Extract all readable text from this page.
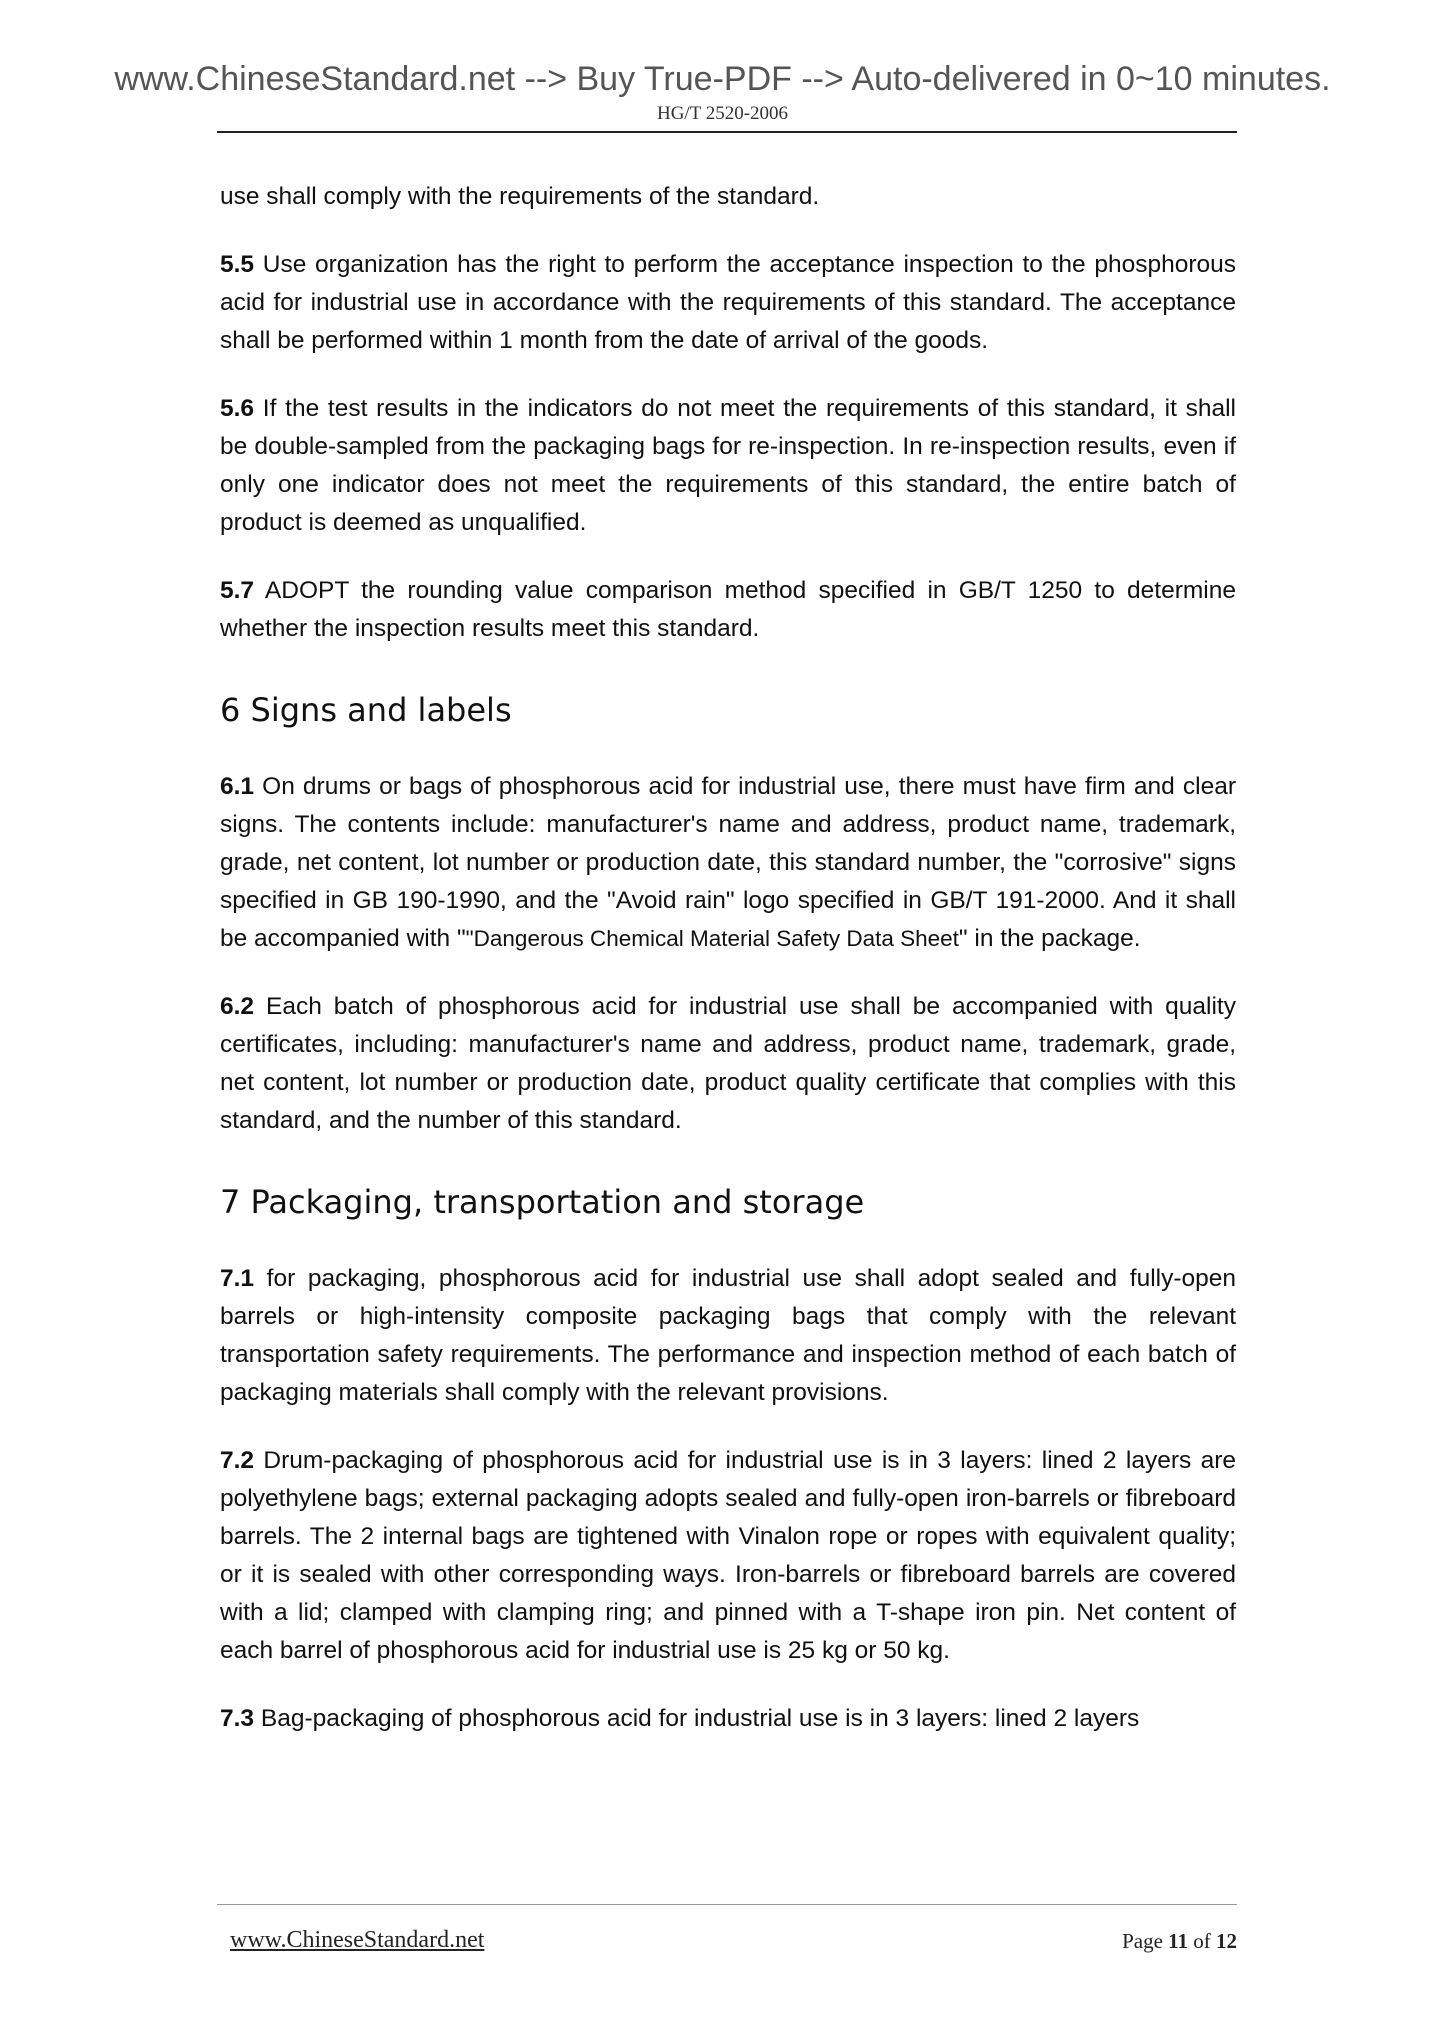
www.ChineseStandard.net --> Buy True-PDF --> Auto-delivered in 0~10 minutes.
HG/T 2520-2006

use shall comply with the requirements of the standard.

5.5 Use organization has the right to perform the acceptance inspection to the phosphorous acid for industrial use in accordance with the requirements of this standard. The acceptance shall be performed within 1 month from the date of arrival of the goods.

5.6 If the test results in the indicators do not meet the requirements of this standard, it shall be double-sampled from the packaging bags for re-inspection. In re-inspection results, even if only one indicator does not meet the requirements of this standard, the entire batch of product is deemed as unqualified.

5.7 ADOPT the rounding value comparison method specified in GB/T 1250 to determine whether the inspection results meet this standard.

6 Signs and labels

6.1 On drums or bags of phosphorous acid for industrial use, there must have firm and clear signs. The contents include: manufacturer's name and address, product name, trademark, grade, net content, lot number or production date, this standard number, the "corrosive" signs specified in GB 190-1990, and the "Avoid rain" logo specified in GB/T 191-2000. And it shall be accompanied with ""Dangerous Chemical Material Safety Data Sheet" in the package.

6.2 Each batch of phosphorous acid for industrial use shall be accompanied with quality certificates, including: manufacturer's name and address, product name, trademark, grade, net content, lot number or production date, product quality certificate that complies with this standard, and the number of this standard.

7 Packaging, transportation and storage

7.1 for packaging, phosphorous acid for industrial use shall adopt sealed and fully-open barrels or high-intensity composite packaging bags that comply with the relevant transportation safety requirements. The performance and inspection method of each batch of packaging materials shall comply with the relevant provisions.

7.2 Drum-packaging of phosphorous acid for industrial use is in 3 layers: lined 2 layers are polyethylene bags; external packaging adopts sealed and fully-open iron-barrels or fibreboard barrels. The 2 internal bags are tightened with Vinalon rope or ropes with equivalent quality; or it is sealed with other corresponding ways. Iron-barrels or fibreboard barrels are covered with a lid; clamped with clamping ring; and pinned with a T-shape iron pin. Net content of each barrel of phosphorous acid for industrial use is 25 kg or 50 kg.

7.3 Bag-packaging of phosphorous acid for industrial use is in 3 layers: lined 2 layers

www.ChineseStandard.net	Page 11 of 12
